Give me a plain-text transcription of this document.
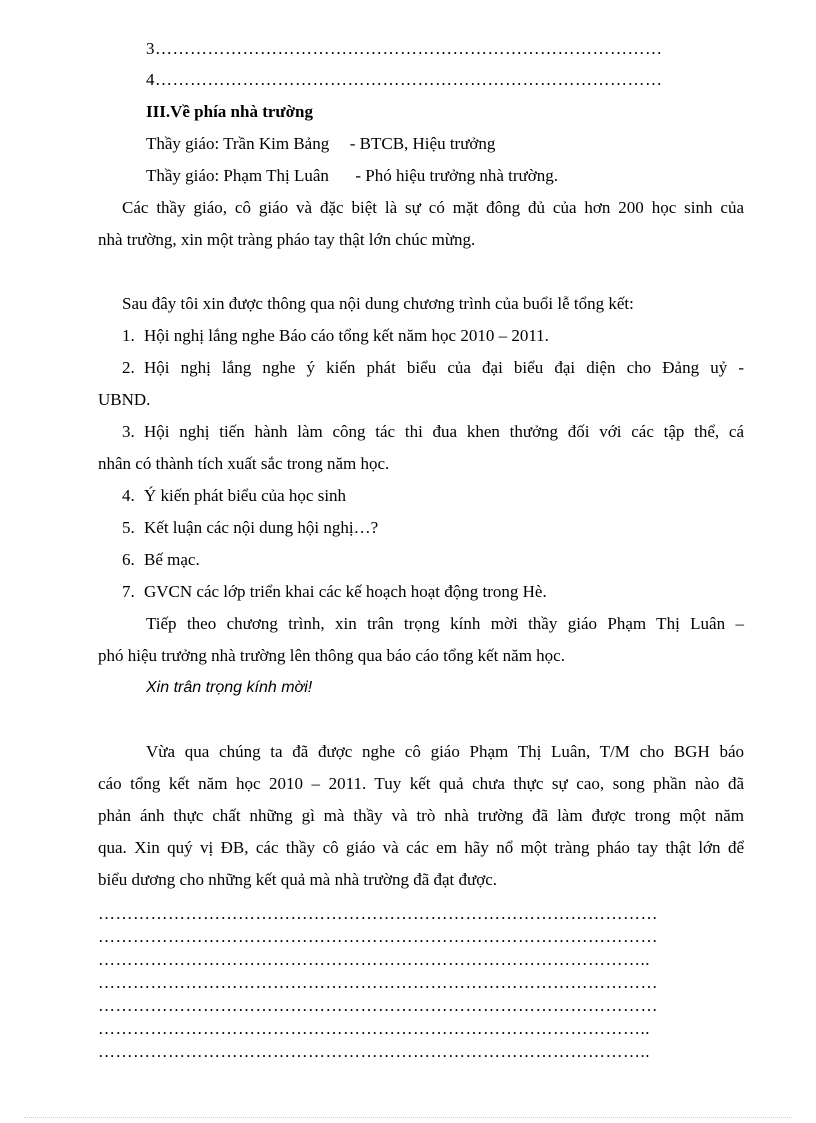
3……………………………………………………………………………
4……………………………………………………………………………
III.Về phía nhà trường
Thầy giáo: Trần Kim Bảng - BTCB, Hiệu trưởng
Thầy giáo: Phạm Thị Luân - Phó hiệu trưởng nhà trường.
Các thầy giáo, cô giáo và đặc biệt là sự có mặt đông đủ của hơn 200 học sinh của
nhà trường, xin một tràng pháo tay thật lớn chúc mừng.
Sau đây tôi xin được thông qua nội dung chương trình của buổi lễ tổng kết:
1. Hội nghị lắng nghe Báo cáo tổng kết năm học 2010 – 2011.
2. Hội nghị lắng nghe ý kiến phát biểu của đại biểu đại diện cho Đảng uỷ -
UBND.
3. Hội nghị tiến hành làm công tác thi đua khen thưởng đối với các tập thể, cá
nhân có thành tích xuất sắc trong năm học.
4. Ý kiến phát biểu của học sinh
5. Kết luận các nội dung hội nghị…?
6. Bế mạc.
7. GVCN các lớp triển khai các kế hoạch hoạt động trong Hè.
Tiếp theo chương trình, xin trân trọng kính mời thầy giáo Phạm Thị Luân –
phó hiệu trưởng nhà trường lên thông qua báo cáo tổng kết năm học.
Xin trân trọng kính mời!
Vừa qua chúng ta đã được nghe cô giáo Phạm Thị Luân, T/M cho BGH báo
cáo tổng kết năm học 2010 – 2011. Tuy kết quả chưa thực sự cao, song phần nào đã
phản ánh thực chất những gì mà thầy và trò nhà trường đã làm được trong một năm
qua. Xin quý vị ĐB, các thầy cô giáo và các em hãy nổ một tràng pháo tay thật lớn để
biểu dương cho những kết quả mà nhà trường đã đạt được.
……………………………………………………………………………………
……………………………………………………………………………………
…………………………………………………………………………………..
……………………………………………………………………………………
……………………………………………………………………………………
…………………………………………………………………………………..
…………………………………………………………………………………..
